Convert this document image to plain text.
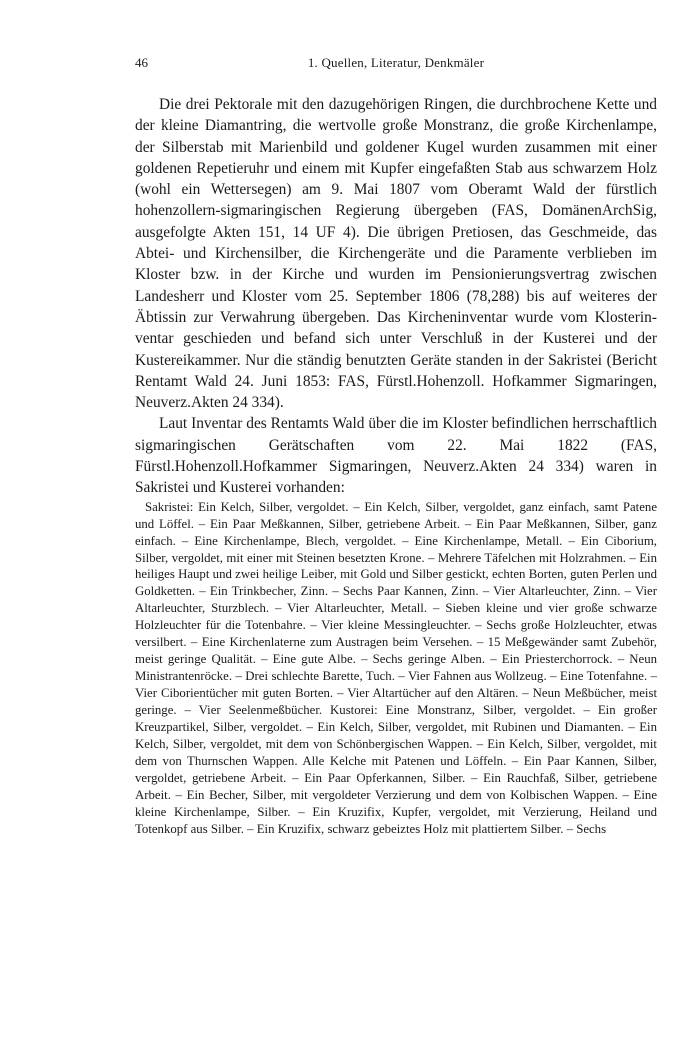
46	1. Quellen, Literatur, Denkmäler

Die drei Pektorale mit den dazugehörigen Ringen, die durchbrochene Kette und der kleine Diamantring, die wertvolle große Monstranz, die große Kirchenlampe, der Silberstab mit Marienbild und goldener Kugel wurden zusammen mit einer goldenen Repetieruhr und einem mit Kupfer eingefaßten Stab aus schwarzem Holz (wohl ein Wettersegen) am 9. Mai 1807 vom Oberamt Wald der fürstlich hohenzollern-sigmaringischen Regierung übergeben (FAS, DomänenArchSig, ausgefolgte Akten 151, 14 UF 4). Die übrigen Pretiosen, das Geschmeide, das Abtei- und Kirchensilber, die Kirchengeräte und die Paramente verblieben im Kloster bzw. in der Kirche und wurden im Pensionierungsvertrag zwischen Landesherr und Kloster vom 25. September 1806 (78,288) bis auf weiteres der Äbtissin zur Verwahrung übergeben. Das Kircheninventar wurde vom Klosterinventar geschieden und befand sich unter Verschluß in der Kusterei und der Kustereikammer. Nur die ständig benutzten Geräte standen in der Sakristei (Bericht Rentamt Wald 24. Juni 1853: FAS, Fürstl.Hohenzoll. Hofkammer Sigmaringen, Neuverz.Akten 24 334).

Laut Inventar des Rentamts Wald über die im Kloster befindlichen herrschaftlich sigmaringischen Gerätschaften vom 22. Mai 1822 (FAS, Fürstl.Hohenzoll.Hofkammer Sigmaringen, Neuverz.Akten 24 334) waren in Sakristei und Kusterei vorhanden:

Sakristei: Ein Kelch, Silber, vergoldet. – Ein Kelch, Silber, vergoldet, ganz einfach, samt Patene und Löffel. – Ein Paar Meßkannen, Silber, getriebene Arbeit. – Ein Paar Meßkannen, Silber, ganz einfach. – Eine Kirchenlampe, Blech, vergoldet. – Eine Kirchenlampe, Metall. – Ein Ciborium, Silber, vergoldet, mit einer mit Steinen besetzten Krone. – Mehrere Täfelchen mit Holzrahmen. – Ein heiliges Haupt und zwei heilige Leiber, mit Gold und Silber gestickt, echten Borten, guten Perlen und Goldketten. – Ein Trinkbecher, Zinn. – Sechs Paar Kannen, Zinn. – Vier Altarleuchter, Zinn. – Vier Altarleuchter, Sturzblech. – Vier Altarleuchter, Metall. – Sieben kleine und vier große schwarze Holzleuchter für die Totenbahre. – Vier kleine Messingleuchter. – Sechs große Holzleuchter, etwas versilbert. – Eine Kirchenlaterne zum Austragen beim Versehen. – 15 Meßgewänder samt Zubehör, meist geringe Qualität. – Eine gute Albe. – Sechs geringe Alben. – Ein Priesterchorrock. – Neun Ministrantenröcke. – Drei schlechte Barette, Tuch. – Vier Fahnen aus Wollzeug. – Eine Totenfahne. – Vier Ciborientücher mit guten Borten. – Vier Altartücher auf den Altären. – Neun Meßbücher, meist geringe. – Vier Seelenmeßbücher. Kustorei: Eine Monstranz, Silber, vergoldet. – Ein großer Kreuzpartikel, Silber, vergoldet. – Ein Kelch, Silber, vergoldet, mit Rubinen und Diamanten. – Ein Kelch, Silber, vergoldet, mit dem von Schönbergischen Wappen. – Ein Kelch, Silber, vergoldet, mit dem von Thurnschen Wappen. Alle Kelche mit Patenen und Löffeln. – Ein Paar Kannen, Silber, vergoldet, getriebene Arbeit. – Ein Paar Opferkannen, Silber. – Ein Rauchfaß, Silber, getriebene Arbeit. – Ein Becher, Silber, mit vergoldeter Verzierung und dem von Kolbischen Wappen. – Eine kleine Kirchenlampe, Silber. – Ein Kruzifix, Kupfer, vergoldet, mit Verzierung, Heiland und Totenkopf aus Silber. – Ein Kruzifix, schwarz gebeiztes Holz mit plattiertem Silber. – Sechs
